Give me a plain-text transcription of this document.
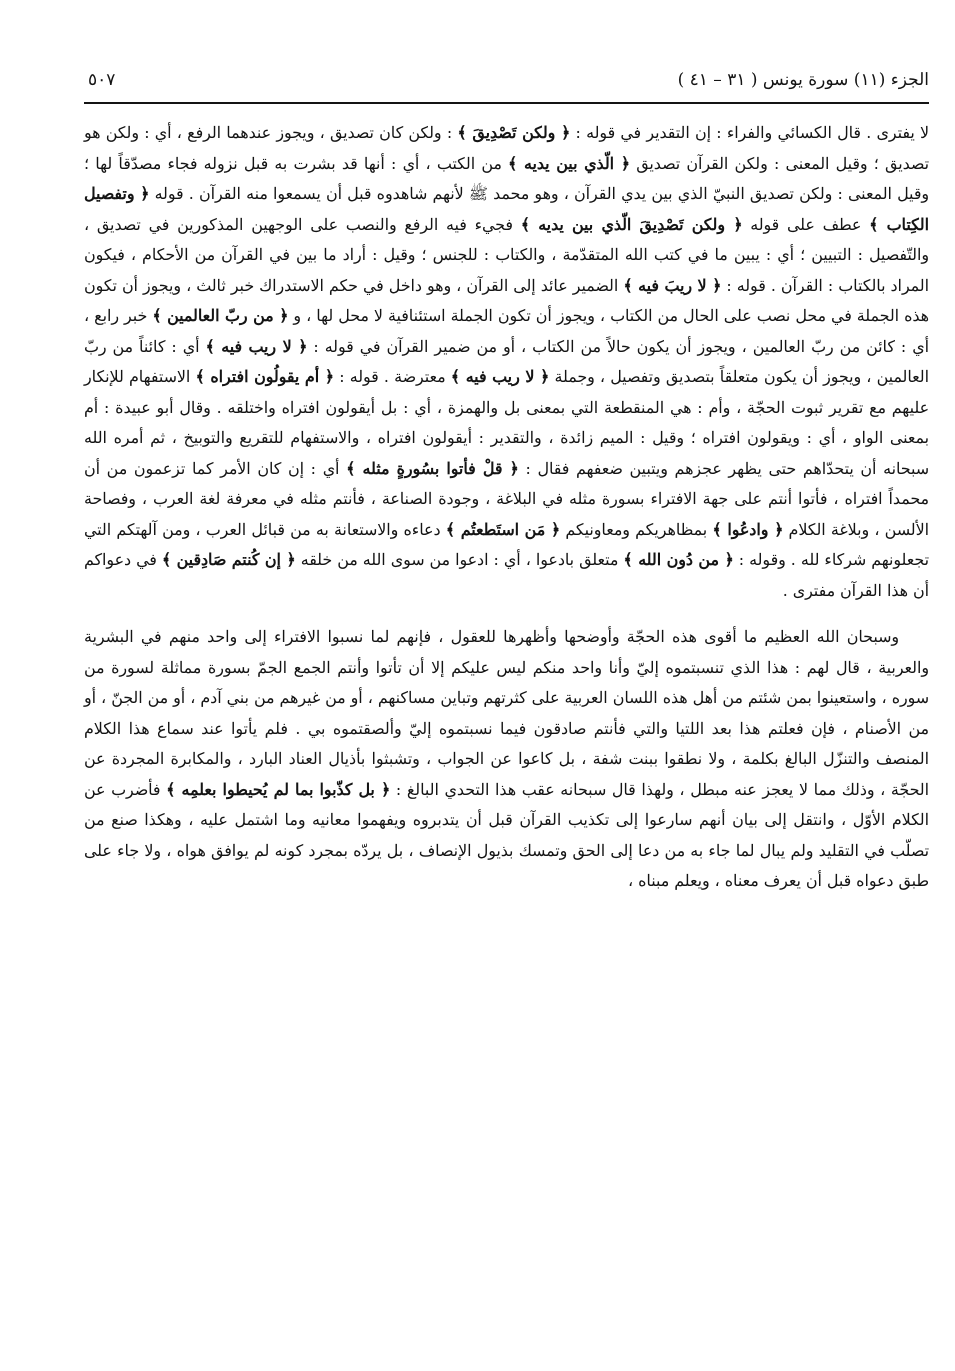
الجزء (١١) سورة يونس ( ٣١ – ٤١ )
٥٠٧

لا يفترى . قال الكسائي والفراء : إن التقدير في قوله : ﴿ ولكن تَصْدِيقَ ﴾ : ولكن كان تصديق ، ويجوز عندهما الرفع ، أي : ولكن هو تصديق ؛ وقيل المعنى : ولكن القرآن تصديق ﴿ الّذي بين يديه ﴾ من الكتب ، أي : أنها قد بشرت به قبل نزوله فجاء مصدّقاً لها ؛ وقيل المعنى : ولكن تصديق النبيّ الذي بين يدي القرآن ، وهو محمد ﷺ لأنهم شاهدوه قبل أن يسمعوا منه القرآن . قوله ﴿ وتفصيل الكِتاب ﴾ عطف على قوله ﴿ ولكن تَصْدِيقَ الّذي بين يديه ﴾ فجيء فيه الرفع والنصب على الوجهين المذكورين في تصديق ، والتّفصيل : التبيين ؛ أي : يبين ما في كتب الله المتقدّمة ، والكتاب : للجنس ؛ وقيل : أراد ما بين في القرآن من الأحكام ، فيكون المراد بالكتاب : القرآن . قوله : ﴿ لا ريبَ فيه ﴾ الضمير عائد إلى القرآن ، وهو داخل في حكم الاستدراك خبر ثالث ، ويجوز أن تكون هذه الجملة في محل نصب على الحال من الكتاب ، ويجوز أن تكون الجملة استئنافية لا محل لها ، و ﴿ من ربّ العالمين ﴾ خبر رابع ، أي : كائن من ربّ العالمين ، ويجوز أن يكون حالاً من الكتاب ، أو من ضمير القرآن في قوله : ﴿ لا ريب فيه ﴾ أي : كائناً من ربّ العالمين ، ويجوز أن يكون متعلقاً بتصديق وتفصيل ، وجملة ﴿ لا ريب فيه ﴾ معترضة . قوله : ﴿ أم يقولُون افتراه ﴾ الاستفهام للإنكار عليهم مع تقرير ثبوت الحجّة ، وأم : هي المنقطعة التي بمعنى بل والهمزة ، أي : بل أيقولون افتراه واختلقه . وقال أبو عبيدة : أم بمعنى الواو ، أي : ويقولون افتراه ؛ وقيل : الميم زائدة ، والتقدير : أيقولون افتراه ، والاستفهام للتقريع والتوبيخ ، ثم أمره الله سبحانه أن يتحدّاهم حتى يظهر عجزهم ويتبين ضعفهم فقال : ﴿ قلْ فأتوا بسُورةٍ مثله ﴾ أي : إن كان الأمر كما تزعمون من أن محمداً افتراه ، فأتوا أنتم على جهة الافتراء بسورة مثله في البلاغة ، وجودة الصناعة ، فأنتم مثله في معرفة لغة العرب ، وفصاحة الألسن ، وبلاغة الكلام ﴿ وادعُوا ﴾ بمظاهريكم ومعاونيكم ﴿ مَن استَطعتُم ﴾ دعاءه والاستعانة به من قبائل العرب ، ومن آلهتكم التي تجعلونهم شركاء لله . وقوله : ﴿ من دُون الله ﴾ متعلق بادعوا ، أي : ادعوا من سوى الله من خلقه ﴿ إن كُنتم صَادِقين ﴾ في دعواكم أن هذا القرآن مفترى .

وسبحان الله العظيم ما أقوى هذه الحجّة وأوضحها وأظهرها للعقول ، فإنهم لما نسبوا الافتراء إلى واحد منهم في البشرية والعربية ، قال لهم : هذا الذي تنسبتموه إليّ وأنا واحد منكم ليس عليكم إلا أن تأتوا وأنتم الجمع الجمّ بسورة مماثلة لسورة من سوره ، واستعينوا بمن شئتم من أهل هذه اللسان العربية على كثرتهم وتباين مساكنهم ، أو من غيرهم من بني آدم ، أو من الجنّ ، أو من الأصنام ، فإن فعلتم هذا بعد اللتيا والتي فأنتم صادقون فيما نسبتموه إليّ وألصقتموه بي . فلم يأتوا عند سماع هذا الكلام المنصف والتنزّل البالغ بكلمة ، ولا نطقوا ببنت شفة ، بل كاعوا عن الجواب ، وتشبثوا بأذيال العناد البارد ، والمكابرة المجردة عن الحجّة ، وذلك مما لا يعجز عنه مبطل ، ولهذا قال سبحانه عقب هذا التحدي البالغ : ﴿ بل كذّبوا بما لم يُحيطوا بعلمِه ﴾ فأضرب عن الكلام الأوّل ، وانتقل إلى بيان أنهم سارعوا إلى تكذيب القرآن قبل أن يتدبروه ويفهموا معانيه وما اشتمل عليه ، وهكذا صنع من تصلّب في التقليد ولم يبال لما جاء به من دعا إلى الحق وتمسك بذيول الإنصاف ، بل يردّه بمجرد كونه لم يوافق هواه ، ولا جاء على طبق دعواه قبل أن يعرف معناه ، ويعلم مبناه ،
